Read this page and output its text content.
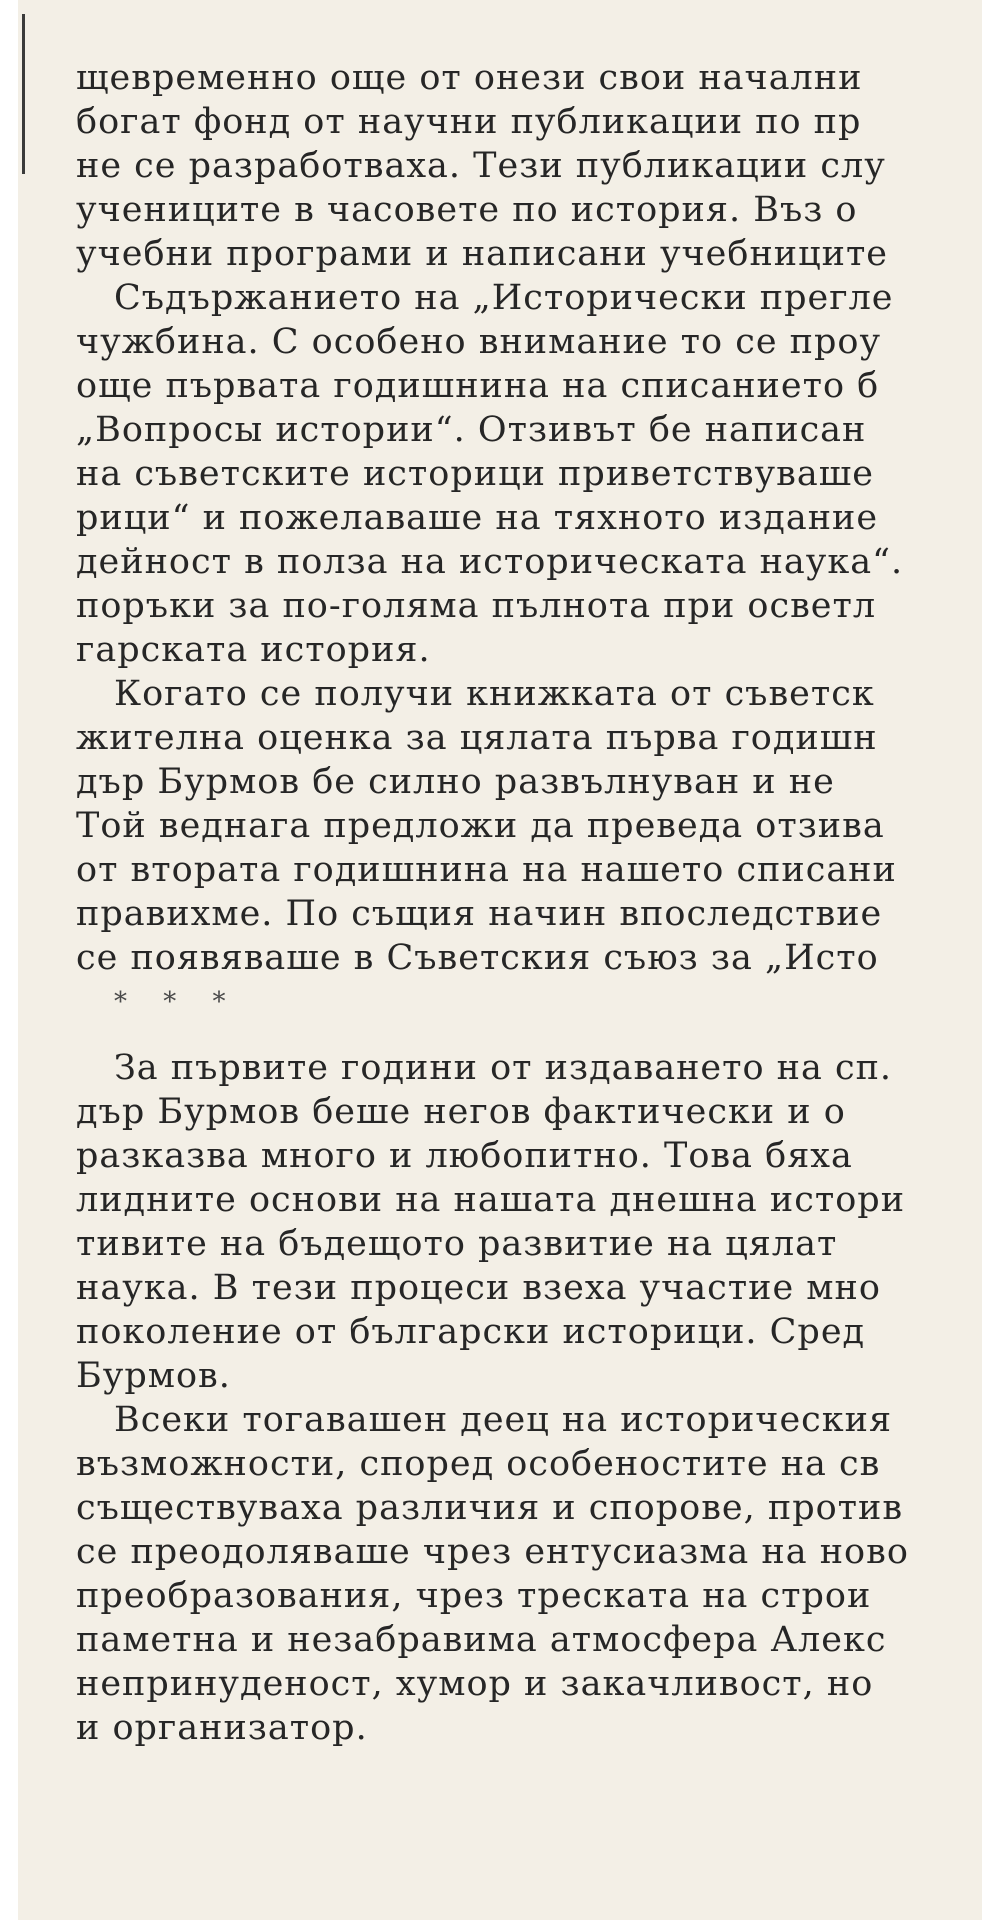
щевременно още от онези свои начални
богат фонд от научни публикации по пр
не се разработваха. Тези публикации слу
учениците в часовете по история. Въз о
учебни програми и написани учебниците
Съдържанието на „Исторически прегле
чужбина. С особено внимание то се проу
още първата годишнина на списанието б
„Вопросы истории“. Отзивът бе написан
на съветските историци приветствуваше
рици“ и пожелаваше на тяхното издание
дейност в полза на историческата наука“.
поръки за по-голяма пълнота при осветл
гарската история.
Когато се получи книжката от съветск
жителна оценка за цялата първа годишн
дър Бурмов бе силно развълнуван и не
Той веднага предложи да преведа отзива
от втората годишнина на нашето списани
правихме. По същия начин впоследствие
се появяваше в Съветския съюз за „Исто
* * *
За първите години от издаването на сп.
дър Бурмов беше негов фактически и о
разказва много и любопитно. Това бяха
лидните основи на нашата днешна истори
тивите на бъдещото развитие на цялат
наука. В тези процеси взеха участие мно
поколение от български историци. Сред
Бурмов.
Всеки тогавашен деец на историческия
възможности, според особеностите на св
съществуваха различия и спорове, против
се преодоляваше чрез ентусиазма на ново
преобразования, чрез треската на строи
паметна и незабравима атмосфера Алекс
непринуденост, хумор и закачливост, но
и организатор.
